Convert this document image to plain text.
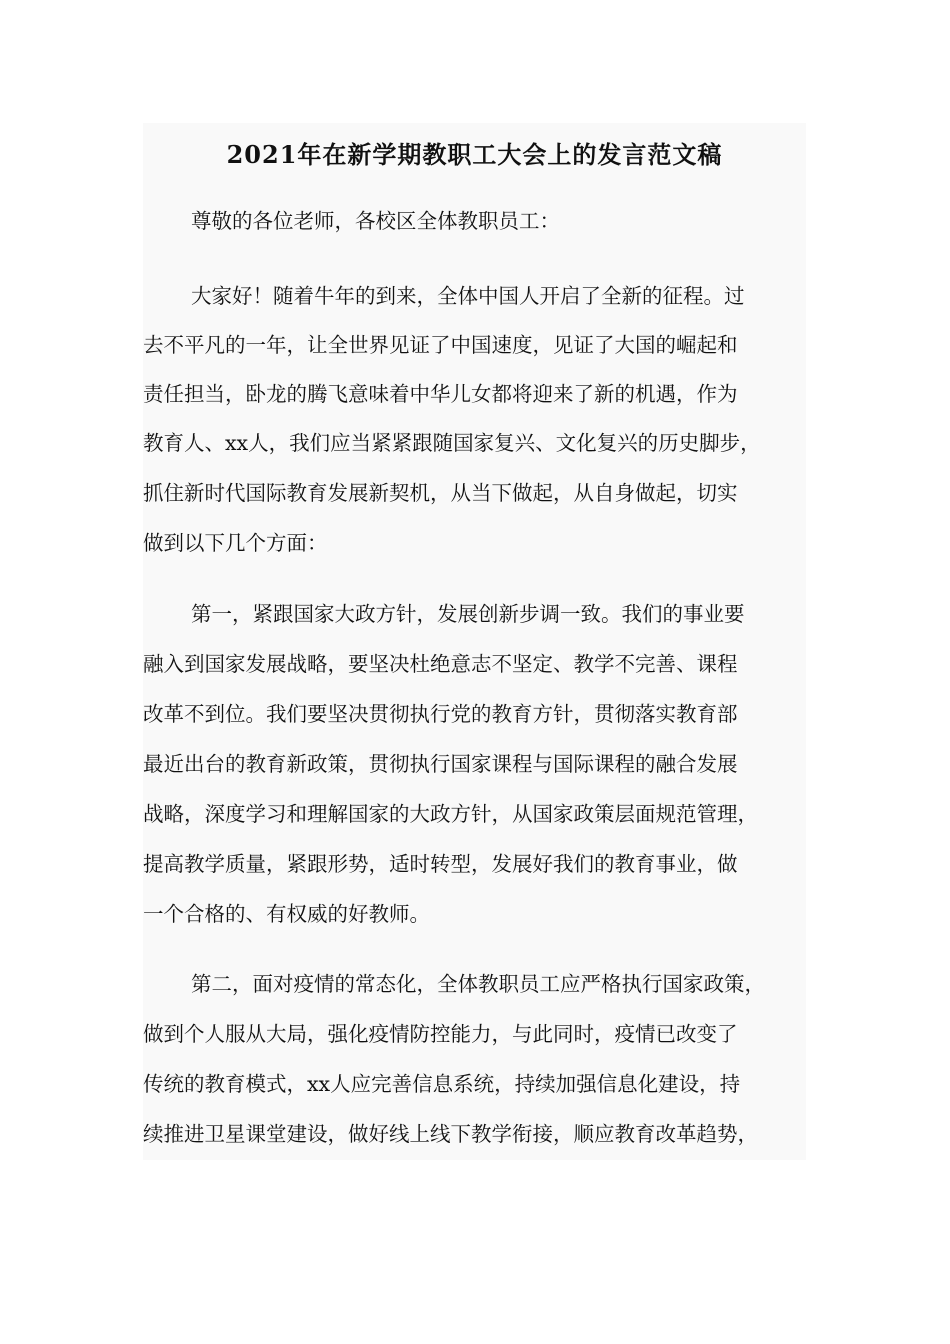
2021年在新学期教职工大会上的发言范文稿

尊敬的各位老师，各校区全体教职员工：

大家好！随着牛年的到来，全体中国人开启了全新的征程。过

去不平凡的一年，让全世界见证了中国速度，见证了大国的崛起和

责任担当，卧龙的腾飞意味着中华儿女都将迎来了新的机遇，作为

教育人、xx人，我们应当紧紧跟随国家复兴、文化复兴的历史脚步，

抓住新时代国际教育发展新契机，从当下做起，从自身做起，切实

做到以下几个方面：

第一，紧跟国家大政方针，发展创新步调一致。我们的事业要

融入到国家发展战略，要坚决杜绝意志不坚定、教学不完善、课程

改革不到位。我们要坚决贯彻执行党的教育方针，贯彻落实教育部

最近出台的教育新政策，贯彻执行国家课程与国际课程的融合发展

战略，深度学习和理解国家的大政方针，从国家政策层面规范管理，

提高教学质量，紧跟形势，适时转型，发展好我们的教育事业，做

一个合格的、有权威的好教师。

第二，面对疫情的常态化，全体教职员工应严格执行国家政策，

做到个人服从大局，强化疫情防控能力，与此同时，疫情已改变了

传统的教育模式，xx人应完善信息系统，持续加强信息化建设，持

续推进卫星课堂建设，做好线上线下教学衔接，顺应教育改革趋势，
